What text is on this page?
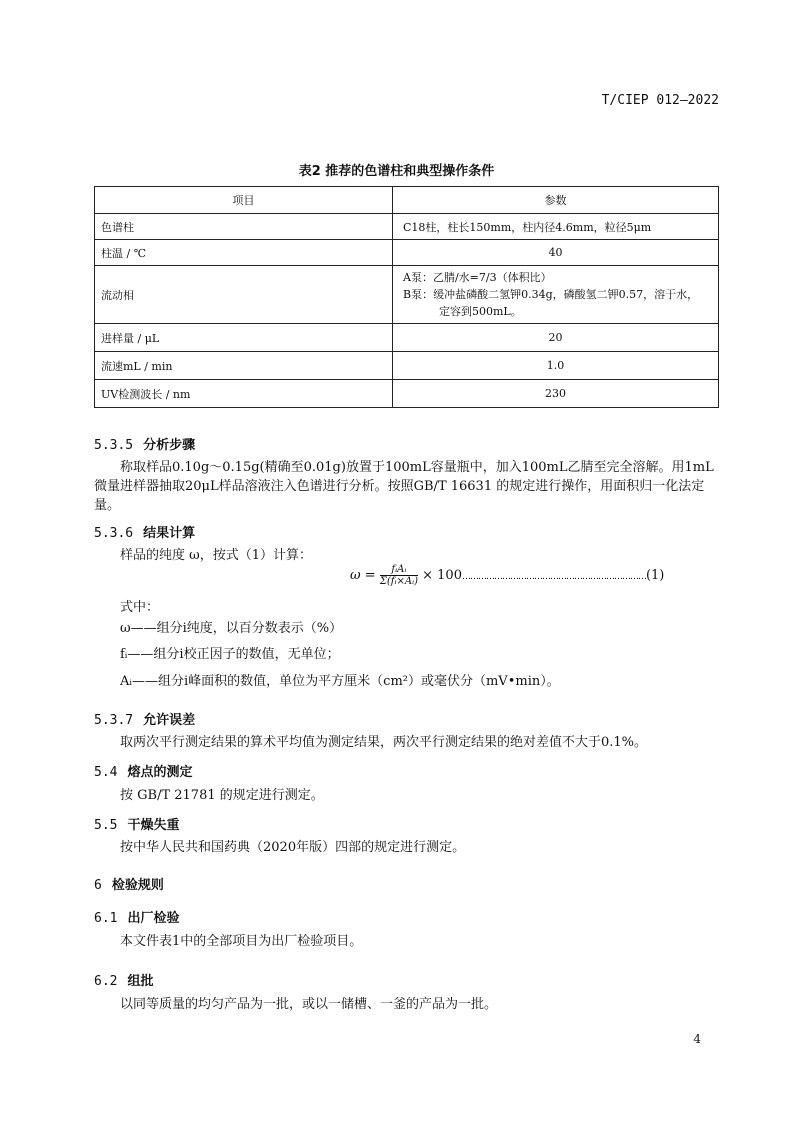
T/CIEP 012—2022
表2 推荐的色谱柱和典型操作条件
项目	参数
色谱柱	C18柱，柱长150mm，柱内径4.6mm，粒径5μm
柱温 / ℃	40
流动相	A泵：乙腈/水=7/3（体积比）
B泵：缓冲盐磷酸二氢钾0.34g，磷酸氢二钾0.57，溶于水，
定容到500mL。

进样量 / μL	20
流速mL / min	1.0
UV检测波长 / nm	230
5.3.5 分析步骤
称取样品0.10g～0.15g(精确至0.01g)放置于100mL容量瓶中，加入100mL乙腈至完全溶解。用1mL微量进样器抽取20μL样品溶液注入色谱进行分析。按照GB/T 16631 的规定进行操作，用面积归一化法定量。
5.3.6 结果计算
样品的纯度 ω，按式（1）计算：
$\omega = \frac{\text{fᵢAᵢ}}{\text{Σ(fᵢ×Aᵢ)}}$ × 100……………………………………………………………(1)
式中：
ω——组分i纯度，以百分数表示（%）
fᵢ——组分i校正因子的数值，无单位；
Aᵢ——组分i峰面积的数值，单位为平方厘米（cm²）或毫伏分（mV•min）。
5.3.7 允许误差
取两次平行测定结果的算术平均值为测定结果，两次平行测定结果的绝对差值不大于0.1%。
5.4 熔点的测定
按 GB/T 21781 的规定进行测定。
5.5 干燥失重
按中华人民共和国药典（2020年版）四部的规定进行测定。
6 检验规则
6.1 出厂检验
本文件表1中的全部项目为出厂检验项目。
6.2 组批
以同等质量的均匀产品为一批，或以一储槽、一釜的产品为一批。
4
